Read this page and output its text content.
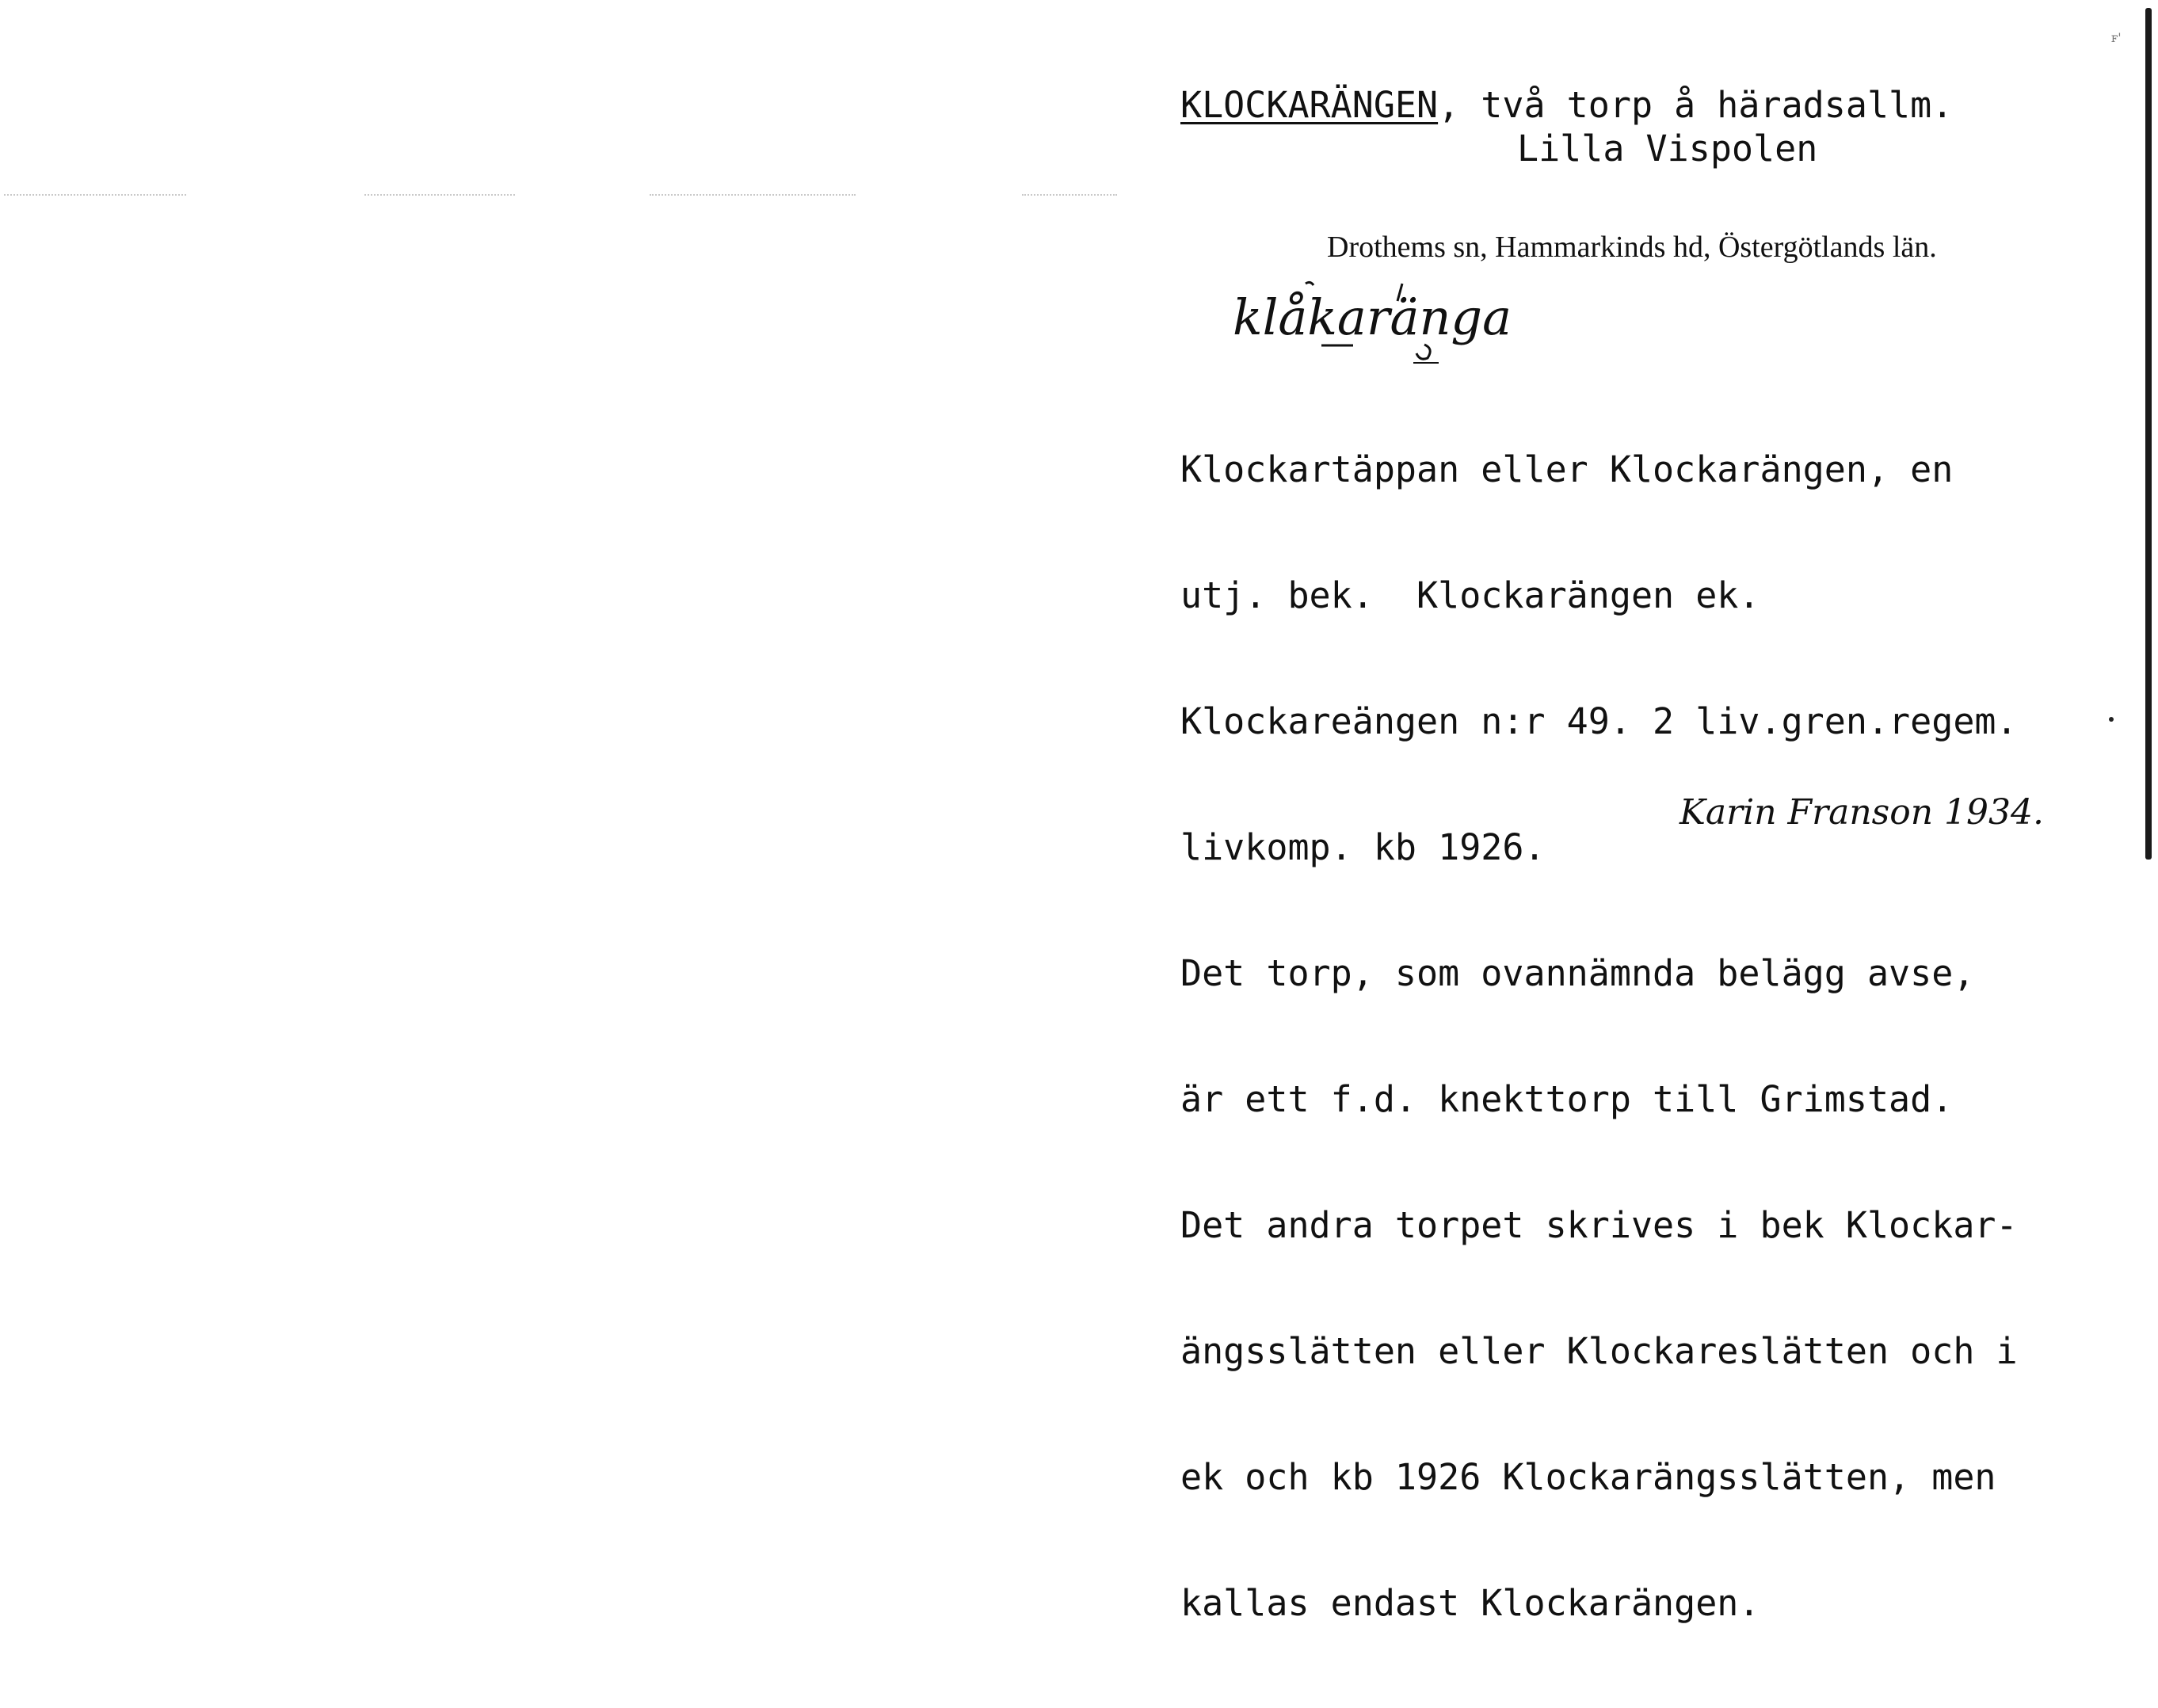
ꜰ'
KLOCKARÄNGEN, två torp å häradsallm.
Lilla Vispolen
Drothems sn, Hammarkinds hd, Östergötlands län.
klåkaränga

Klockartäppan eller Klockarängen, en

utj. bek.  Klockarängen ek.

Klockareängen n:r 49. 2 liv.gren.regem.

livkomp. kb 1926.

Det torp, som ovannämnda belägg avse,

är ett f.d. knekttorp till Grimstad.

Det andra torpet skrives i bek Klockar-

ängsslätten eller Klockareslätten och i

ek och kb 1926 Klockarängsslätten, men

kallas endast Klockarängen.

Karin Franson 1934.
